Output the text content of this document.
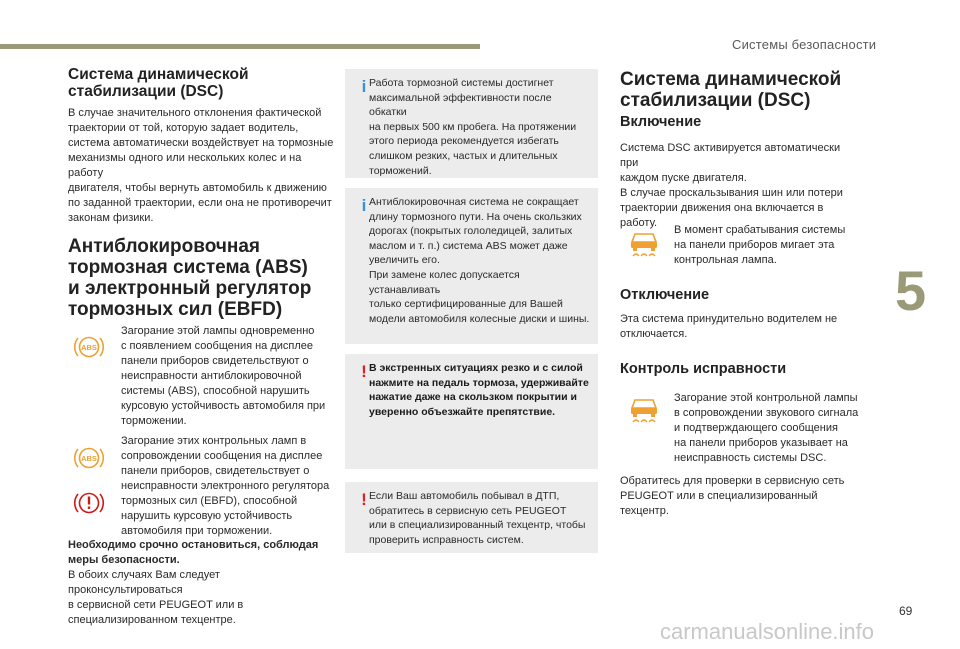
Системы безопасности
5
69
carmanualsonline.info
Система динамической
стабилизации (DSC)
В случае значительного отклонения фактической
траектории от той, которую задает водитель,
система автоматически воздействует на тормозные
механизмы одного или нескольких колес и на работу
двигателя, чтобы вернуть автомобиль к движению
по заданной траектории, если она не противоречит
законам физики.
Антиблокировочная
тормозная система (ABS)
и электронный регулятор
тормозных сил (EBFD)
ABS
Загорание этой лампы одновременно
с появлением сообщения на дисплее
панели приборов свидетельствуют о
неисправности антиблокировочной
системы (ABS), способной нарушить
курсовую устойчивость автомобиля при
торможении.
ABS
Загорание этих контрольных ламп в
сопровождении сообщения на дисплее
панели приборов, свидетельствует о
неисправности электронного регулятора
тормозных сил (EBFD), способной
нарушить курсовую устойчивость
автомобиля при торможении.
Необходимо срочно остановиться, соблюдая
меры безопасности.
В обоих случаях Вам следует проконсультироваться
в сервисной сети PEUGEOT или в
специализированном техцентре.
i Работа тормозной системы достигнет
максимальной эффективности после обкатки
на первых 500 км пробега. На протяжении
этого периода рекомендуется избегать
слишком резких, частых и длительных
торможений.
i Антиблокировочная система не сокращает
длину тормозного пути. На очень скользких
дорогах (покрытых гололедицей, залитых
маслом и т. п.) система ABS может даже
увеличить его.
При замене колес допускается устанавливать
только сертифицированные для Вашей
модели автомобиля колесные диски и шины.
! В экстренных ситуациях резко и с силой
нажмите на педаль тормоза, удерживайте
нажатие даже на скользком покрытии и
уверенно объезжайте препятствие.
! Если Ваш автомобиль побывал в ДТП,
обратитесь в сервисную сеть PEUGEOT
или в специализированный техцентр, чтобы
проверить исправность систем.
Система динамической
стабилизации (DSC)
Включение
Система DSC активируется автоматически при
каждом пуске двигателя.
В случае проскальзывания шин или потери
траектории движения она включается в работу.
В момент срабатывания системы
на панели приборов мигает эта
контрольная лампа.
Отключение
Эта система принудительно водителем не
отключается.
Контроль исправности
Загорание этой контрольной лампы
в сопровождении звукового сигнала
и подтверждающего сообщения
на панели приборов указывает на
неисправность системы DSC.
Обратитесь для проверки в сервисную сеть
PEUGEOT или в специализированный техцентр.
